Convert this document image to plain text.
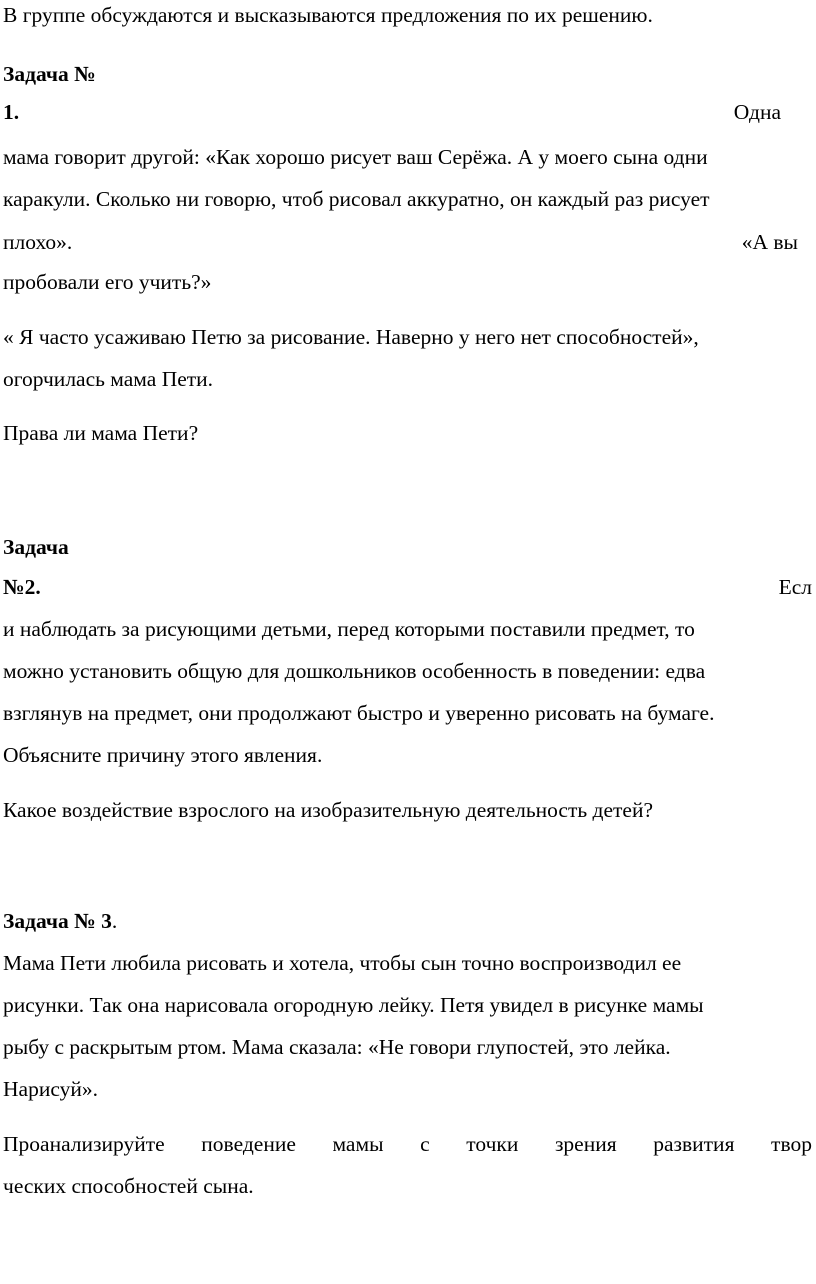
В группе обсуждаются и высказываются предложения по их решению.
Задача №
1.	Одна
мама говорит другой: «Как хорошо рисует ваш Серёжа. А у моего сына одни
каракули. Сколько ни говорю, чтоб рисовал аккуратно, он каждый раз рисует
плохо».	«А вы
пробовали его учить?»
« Я часто усаживаю Петю за рисование. Наверно у него нет способностей»,
огорчилась мама Пети.
Права ли мама Пети?
Задача
№2.	Есл
и наблюдать за рисующими детьми, перед которыми поставили предмет, то
можно установить общую для дошкольников особенность в поведении: едва
взглянув на предмет, они продолжают быстро и уверенно рисовать на бумаге.
Объясните причину этого явления.
Какое воздействие взрослого на изобразительную деятельность детей?
Задача № 3.
Мама Пети любила рисовать и хотела, чтобы сын точно воспроизводил ее
рисунки. Так она нарисовала огородную лейку. Петя увидел в рисунке мамы
рыбу с раскрытым ртом. Мама сказала: «Не говори глупостей, это лейка.
Нарисуй».
Проанализируйте поведение мамы с точки зрения развития твор
ческих способностей сына.
